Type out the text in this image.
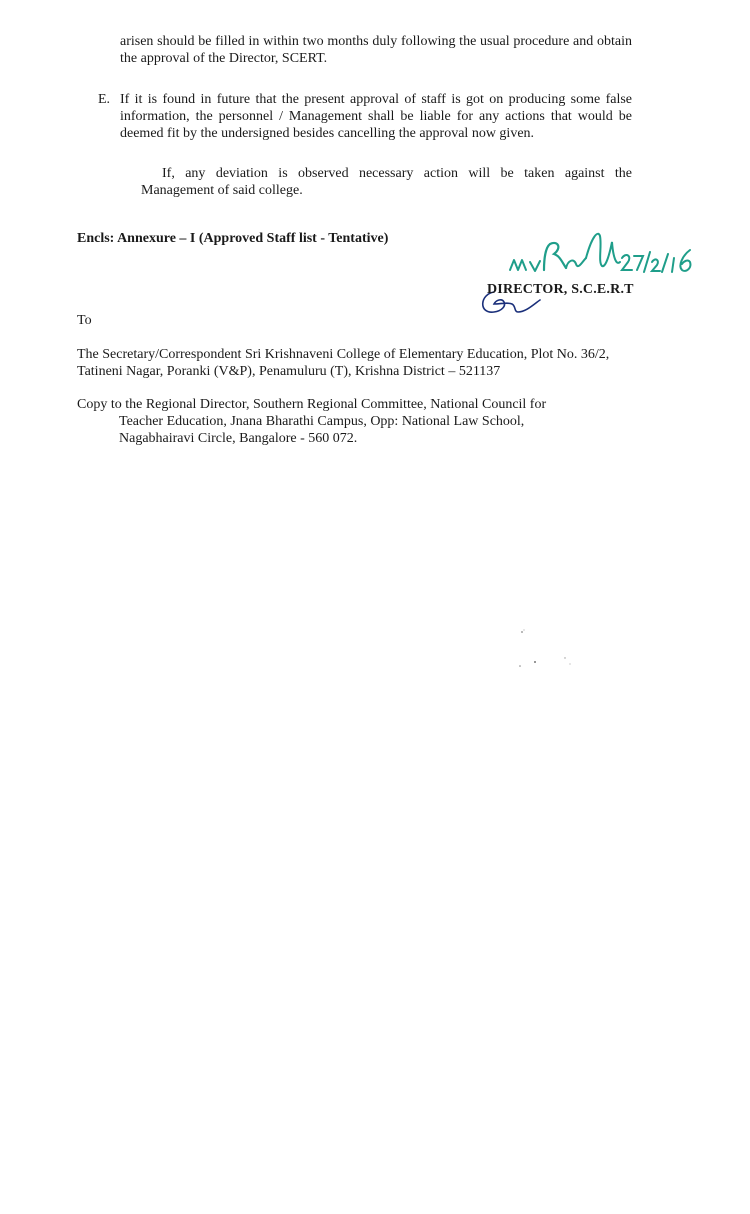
arisen should be filled in within two months duly following the usual procedure and obtain the approval of the Director, SCERT.
E. If it is found in future that the present approval of staff is got on producing some false information, the personnel / Management shall be liable for any actions that would be deemed fit by the undersigned besides cancelling the approval now given.
If, any deviation is observed necessary action will be taken against the Management of said college.
Encls: Annexure – I (Approved Staff list - Tentative)
DIRECTOR, S.C.E.R.T
To
The Secretary/Correspondent Sri Krishnaveni College of Elementary Education, Plot No. 36/2, Tatineni Nagar, Poranki (V&P), Penamuluru (T), Krishna District – 521137
Copy to the Regional Director, Southern Regional Committee, National Council for
Teacher Education, Jnana Bharathi Campus, Opp: National Law School,
Nagabhairavi Circle, Bangalore - 560 072.
